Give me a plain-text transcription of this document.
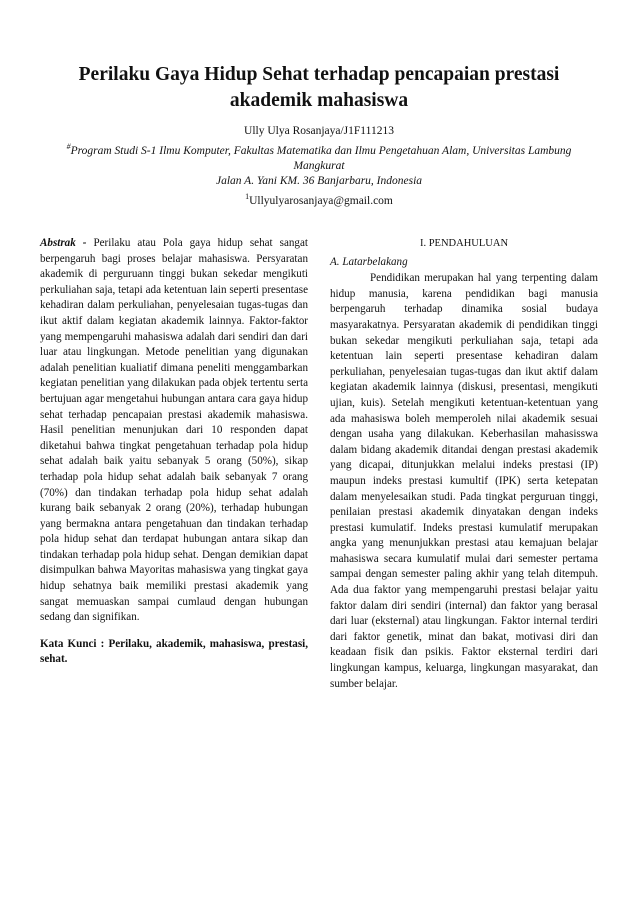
Perilaku Gaya Hidup Sehat terhadap pencapaian prestasi akademik mahasiswa
Ully Ulya Rosanjaya/J1F111213
#Program Studi S-1 Ilmu Komputer, Fakultas Matematika dan Ilmu Pengetahuan Alam, Universitas Lambung Mangkurat
Jalan A. Yani KM. 36 Banjarbaru, Indonesia
$^1$Ullyulyarosanjaya@gmail.com

Abstrak - Perilaku atau Pola gaya hidup sehat sangat berpengaruh bagi proses belajar mahasiswa. Persyaratan akademik di perguruann tinggi bukan sekedar mengikuti perkuliahan saja, tetapi ada ketentuan lain seperti presentase kehadiran dalam perkuliahan, penyelesaian tugas-tugas dan ikut aktif dalam kegiatan akademik lainnya. Faktor-faktor yang mempengaruhi mahasiswa adalah dari sendiri dan dari luar atau lingkungan. Metode penelitian yang digunakan adalah penelitian kualiatif dimana peneliti menggambarkan kegiatan penelitian yang dilakukan pada objek tertentu serta bertujuan agar mengetahui hubungan antara cara gaya hidup sehat terhadap pencapaian prestasi akademik mahasiswa. Hasil penelitian menunjukan dari 10 responden dapat diketahui bahwa tingkat pengetahuan terhadap pola hidup sehat adalah baik yaitu sebanyak 5 orang (50%), sikap terhadap pola hidup sehat adalah baik sebanyak 7 orang (70%) dan tindakan terhadap pola hidup sehat adalah kurang baik sebanyak 2 orang (20%), terhadap hubungan yang bermakna antara pengetahuan dan tindakan terhadap pola hidup sehat dan terdapat hubungan antara sikap dan tindakan terhadap pola hidup sehat. Dengan demikian dapat disimpulkan bahwa Mayoritas mahasiswa yang tingkat gaya hidup sehatnya baik memiliki prestasi akademik yang sangat memuaskan sampai cumlaud dengan hubungan sedang dan signifikan.

Kata Kunci : Perilaku, akademik, mahasiswa, prestasi, sehat.

I. PENDAHULUAN
A. Latarbelakang

Pendidikan merupakan hal yang terpenting dalam hidup manusia, karena pendidikan bagi manusia berpengaruh terhadap dinamika sosial budaya masyarakatnya. Persyaratan akademik di pendidikan tinggi bukan sekedar mengikuti perkuliahan saja, tetapi ada ketentuan lain seperti presentase kehadiran dalam perkuliahan, penyelesaian tugas-tugas dan ikut aktif dalam kegiatan akademik lainnya (diskusi, presentasi, mengikuti ujian, kuis). Setelah mengikuti ketentuan-ketentuan yang ada mahasiswa boleh memperoleh nilai akademik sesuai dengan usaha yang dilakukan. Keberhasilan mahasisswa dalam bidang akademik ditandai dengan prestasi akademik yang dicapai, ditunjukkan melalui indeks prestasi (IP) maupun indeks prestasi kumultif (IPK) serta ketepatan dalam menyelesaikan studi. Pada tingkat perguruan tinggi, penilaian prestasi akademik dinyatakan dengan indeks prestasi kumulatif. Indeks prestasi kumulatif merupakan angka yang menunjukkan prestasi atau kemajuan belajar mahasiswa secara kumulatif mulai dari semester pertama sampai dengan semester paling akhir yang telah ditempuh. Ada dua faktor yang mempengaruhi prestasi belajar yaitu faktor dalam diri sendiri (internal) dan faktor yang berasal dari luar (eksternal) atau lingkungan. Faktor internal terdiri dari faktor genetik, minat dan bakat, motivasi diri dan keadaan fisik dan psikis. Faktor eksternal terdiri dari lingkungan kampus, keluarga, lingkungan masyarakat, dan sumber belajar.
